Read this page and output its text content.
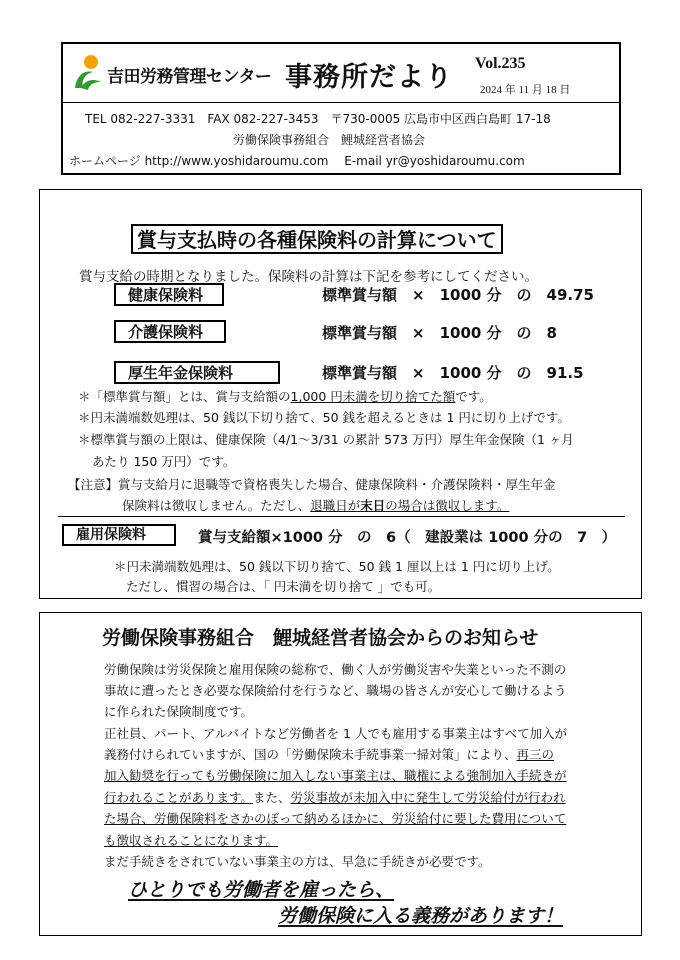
吉田労務管理センター 事務所だより Vol.235
2024 年 11 月 18 日
TEL 082-227-3331　FAX 082-227-3453　〒730-0005 広島市中区西白島町 17-18
労働保険事務組合　鯉城経営者協会
ホームページ http://www.yoshidaroumu.com　 E-mail yr@yoshidaroumu.com
賞与支払時の各種保険料の計算について
賞与支給の時期となりました。保険料の計算は下記を参考にしてください。
健康保険料	標準賞与額　×　1000 分　の　49.75
介護保険料	標準賞与額　×　1000 分　の　8
厚生年金保険料	標準賞与額　×　1000 分　の　91.5
＊「標準賞与額」とは、賞与支給額の1,000 円未満を切り捨てた額です。
＊円未満端数処理は、50 銭以下切り捨て、50 銭を超えるときは 1 円に切り上げです。
＊標準賞与額の上限は、健康保険（4/1～3/31 の累計 573 万円）厚生年金保険（1 ヶ月
あたり 150 万円）です。
【注意】賞与支給月に退職等で資格喪失した場合、健康保険料・介護保険料・厚生年金
保険料は徴収しません。ただし、退職日が末日の場合は徴収します。
雇用保険料	賞与支給額×1000 分　の　6（　建設業は 1000 分の　7　）
＊円未満端数処理は、50 銭以下切り捨て、50 銭 1 厘以上は 1 円に切り上げ。
ただし、慣習の場合は、「 円未満を切り捨て 」でも可。
労働保険事務組合　鯉城経営者協会からのお知らせ
労働保険は労災保険と雇用保険の総称で、働く人が労働災害や失業といった不測の
事故に遭ったとき必要な保険給付を行うなど、職場の皆さんが安心して働けるよう
に作られた保険制度です。
正社員、パート、アルバイトなど労働者を 1 人でも雇用する事業主はすべて加入が
義務付けられていますが、国の「労働保険未手続事業一掃対策」により、再三の
加入勧奨を行っても労働保険に加入しない事業主は、職権による強制加入手続きが
行われることがあります。また、労災事故が未加入中に発生して労災給付が行われ
た場合、労働保険料をさかのぼって納めるほかに、労災給付に要した費用について
も徴収されることになります。
まだ手続きをされていない事業主の方は、早急に手続きが必要です。
ひとりでも労働者を雇ったら、
労働保険に入る義務があります！
